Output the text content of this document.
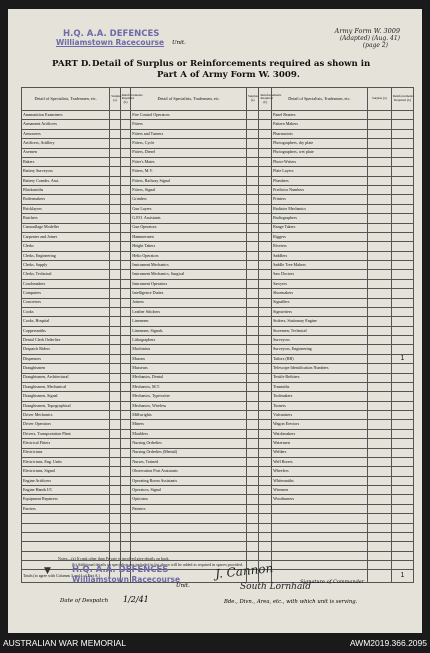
H.Q. A.A. DEFENCES
Williamstown Racecourse Unit.
Army Form W. 3009
(Adapted) (Aug. 41)
(page 2)
PART D. Detail of Surplus or Reinforcements required as shown in
Part A of Army Form W. 3009.
Detail of Specialists, Tradesmen, etc.	Surplus (a)	Reinforcements Required (b)	Detail of Specialists, Tradesmen, etc.	Surplus (a)	Reinforcements Required (b)	Detail of Specialists, Tradesmen, etc.	Surplus (a)	Reinforcements Required (b)
Ammunition Examiners			Fire Control Operators			Panel Beaters		
Armament Artificers			Fitters			Pattern Makers		
Armourers			Fitters and Turners			Pharmacists		
Artificers, Artillery			Fitters, Cycle			Photographers, dry plate		
Axemen			Fitters, Diesel			Photographers, wet plate		
Bakers			Fitter's Mates			Photo-Writers		
Battery Surveyors			Fitters, M.V.			Plate Layers		
Battery Comdrs. Asst.			Fitters, Railway Signal			Plumbers		
Blacksmiths			Fitters, Signal			Predictor Numbers		
Boilermakers			Grinders			Printers		
Bricklayers			Gun Layers			Radiator Mechanics		
Butchers			G.P.O. Assistants			Radiographers		
Camouflage Modeller			Gun Operators			Range Takers		
Carpenter and Joiner			Hammermen			Riggers		
Clerks			Height Takers			Riveters		
Clerks, Engineering			Helio Operators			Saddlers		
Clerks, Supply			Instrument Mechanics			Saddle Tree Makers		
Clerks, Technical			Instrument Mechanics, Surgical			Saw Doctors		
Coachmakers			Instrument Operators			Sawyers		
Computers			Intelligence Duties			Shoemakers		
Concretors			Joiners			Signallers		
Cooks			Leather Stitchers			Signwriters		
Cooks, Hospital			Linesmen			Stokers, Stationary Engine		
Coppersmiths			Linesmen, Signals			Storemen, Technical		
Dental Clerk Orderlies			Lithographers			Surveyors		
Despatch Riders			Machinists			Surveyors, Engineering		
Dispensers			Masons			Tailors (BB)		1
Draughtsmen			Masseurs			Telescope Identification Numbers		
Draughtsmen, Architectural			Mechanics, Dental			Textile Refitters		
Draughtsmen, Mechanical			Mechanics, M.T.			Tinsmiths		
Draughtsmen, Signal			Mechanics, Typewriter			Toolmakers		
Draughtsmen, Topographical			Mechanics, Wireless			Turners		
Driver Mechanics			Millwrights			Vulcanisers		
Driver Operators			Miners			Wagon Erectors		
Drivers, Transportation Plant			Moulders			Watchmakers		
Electrical Fitters			Nursing Orderlies			Watermen		
Electricians			Nursing Orderlies (Mental)			Welders		
Electricians, Eng. Units			Nurses, Trained			Well Borers		
Electricians, Signal			Observation Post Assistants			Wheelers		
Engine Artificers			Operating Room Assistants			Whitesmiths		
Engine Hands I/C			Operators, Signal			Wiremen		
Equipment Repairers			Opticians			Woodturners		
Farriers			Painters					

Totals (to agree with Columns 3 and 4 of Part A.)								1
Notes—(a) If rank other than Private is involved give details on back.
(b) Additional details on specialists not included in list above will be added as required in spaces provided.
▼ H.Q. A.A. DEFENCES
Williamstown Racecourse
Unit.
Signature of Commander
J. Cannon
South Lornhald
Date of Despatch 1/2/41	Bde., Divn., Area, etc., with which unit is serving.
AUSTRALIAN WAR MEMORIAL	AWM2019.366.2095
